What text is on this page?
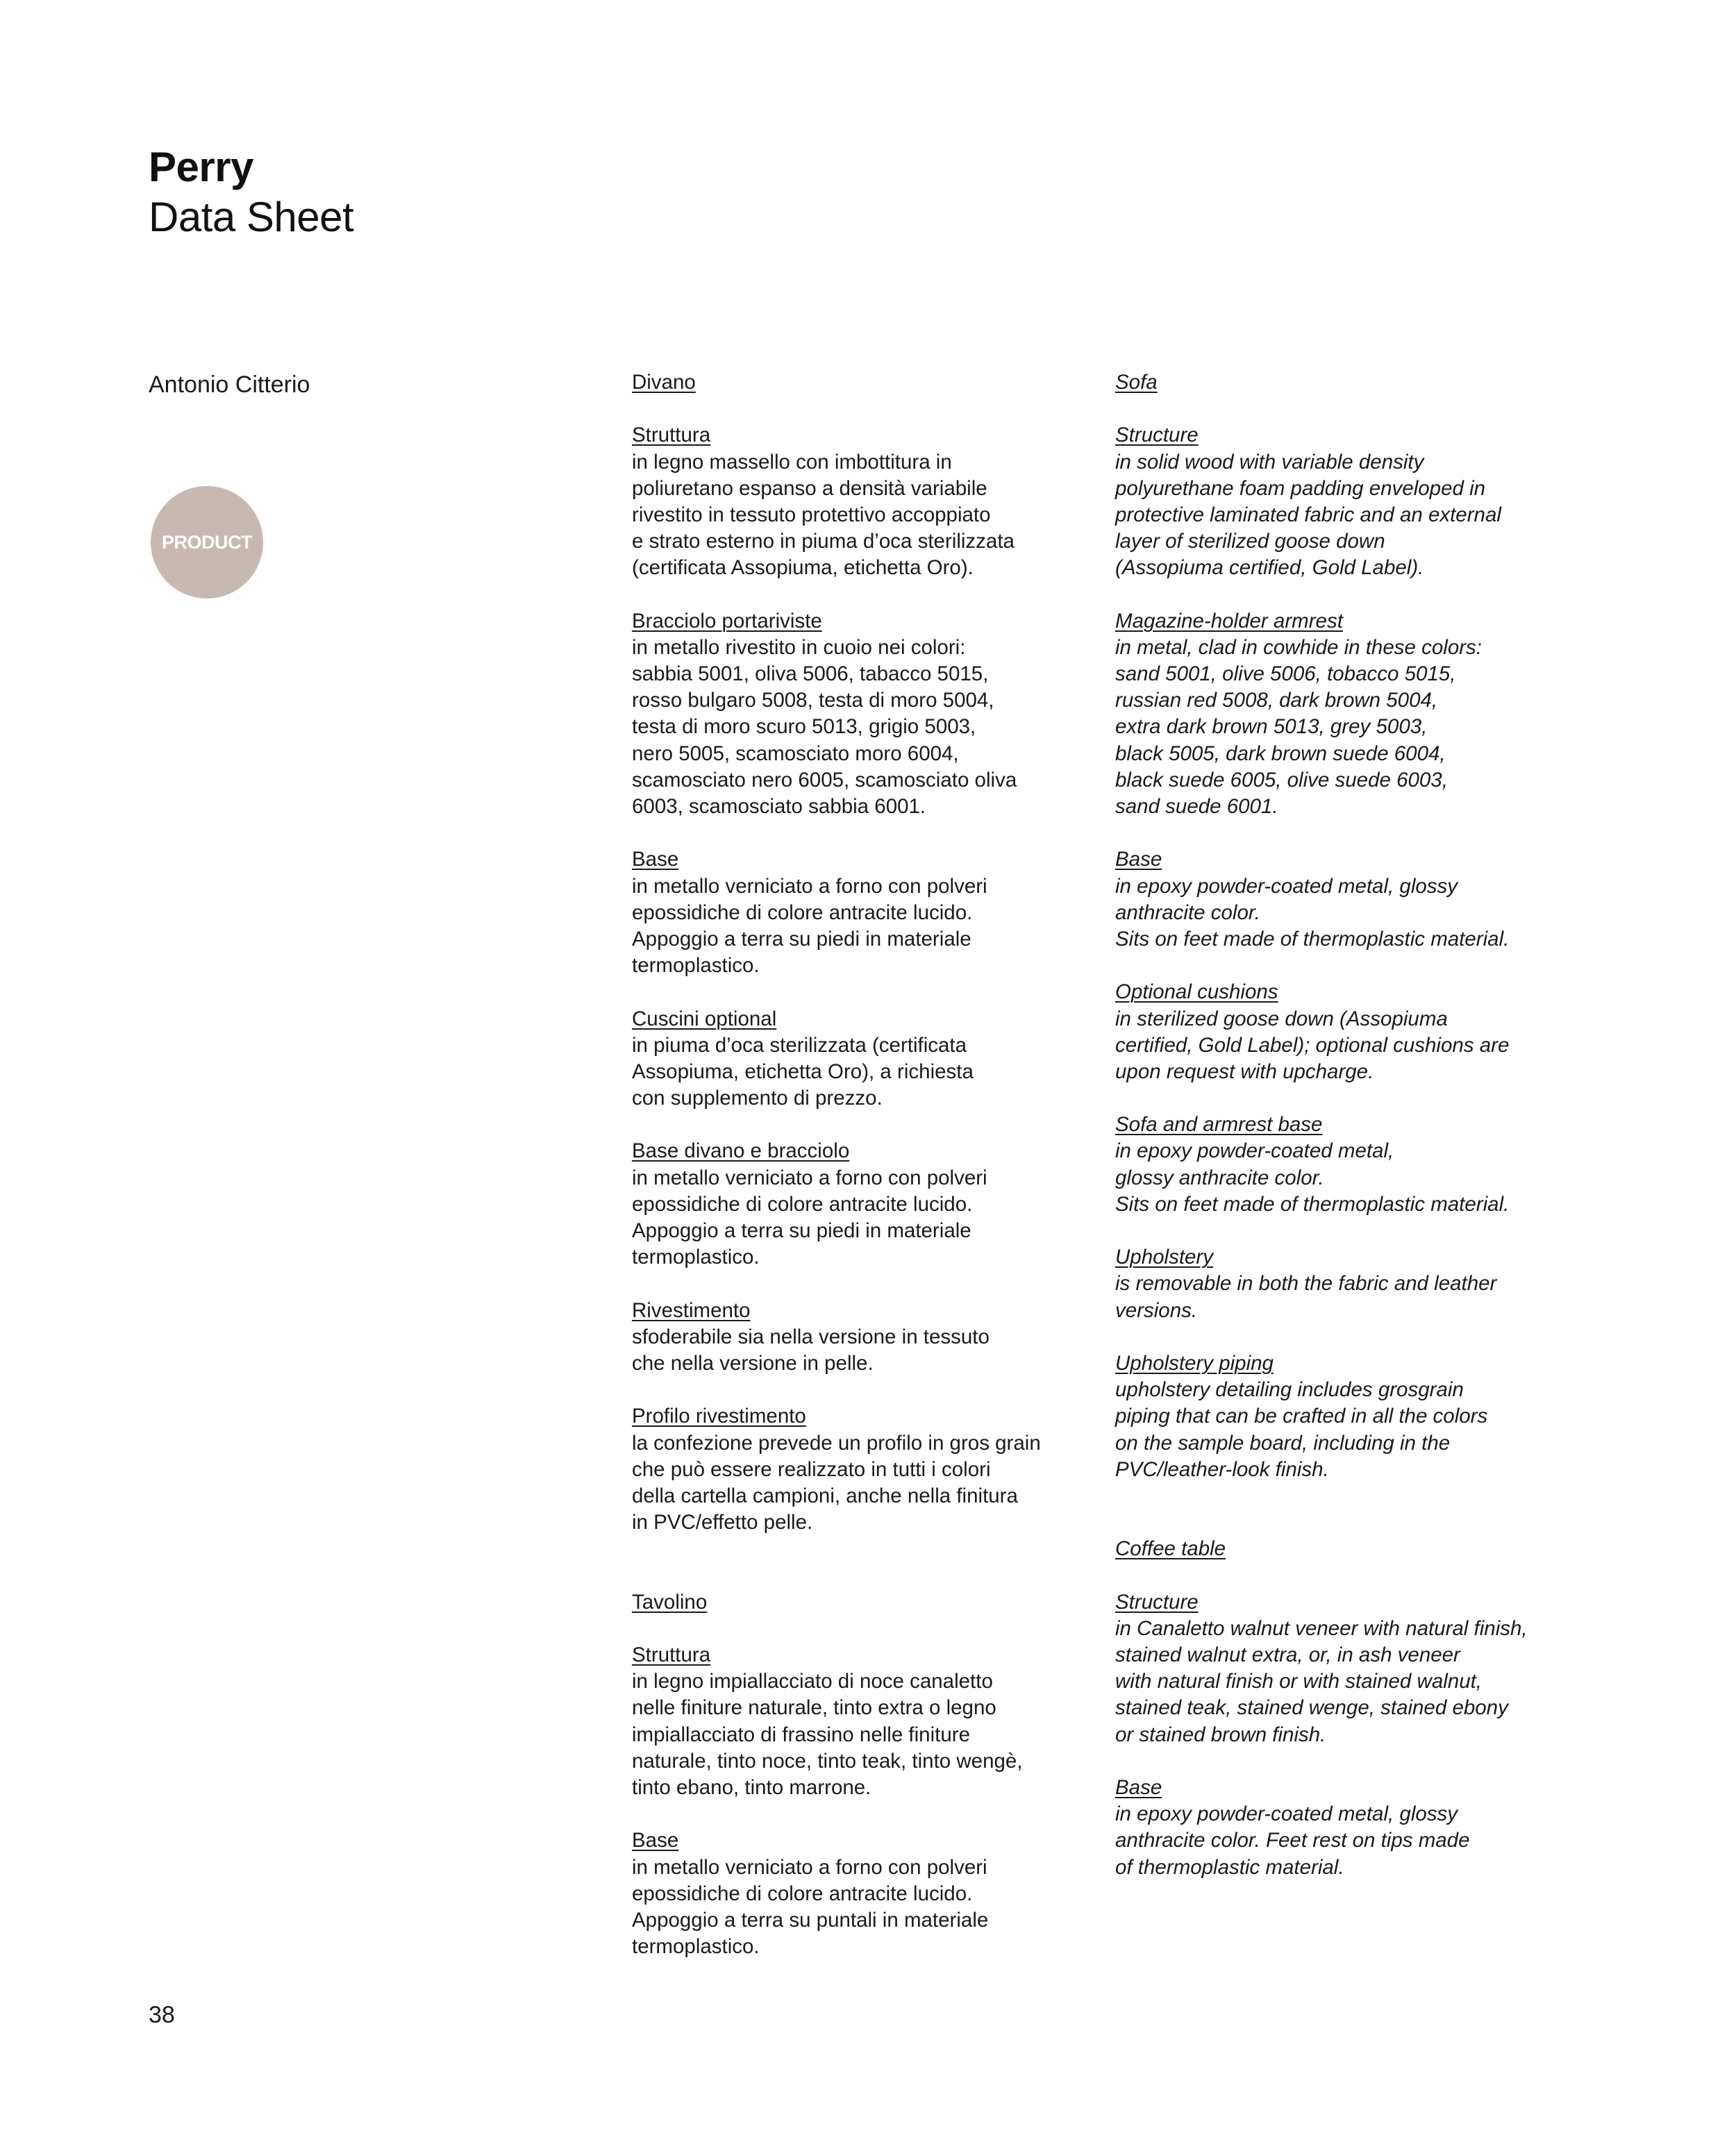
Perry
Data Sheet
Antonio Citterio
PRODUCT
Divano
Struttura
in legno massello con imbottitura in
poliuretano espanso a densità variabile
rivestito in tessuto protettivo accoppiato
e strato esterno in piuma d’oca sterilizzata
(certificata Assopiuma, etichetta Oro).
Bracciolo portariviste
in metallo rivestito in cuoio nei colori:
sabbia 5001, oliva 5006, tabacco 5015,
rosso bulgaro 5008, testa di moro 5004,
testa di moro scuro 5013, grigio 5003,
nero 5005, scamosciato moro 6004,
scamosciato nero 6005, scamosciato oliva
6003, scamosciato sabbia 6001.
Base
in metallo verniciato a forno con polveri
epossidiche di colore antracite lucido.
Appoggio a terra su piedi in materiale
termoplastico.
Cuscini optional
in piuma d’oca sterilizzata (certificata
Assopiuma, etichetta Oro), a richiesta
con supplemento di prezzo.
Base divano e bracciolo
in metallo verniciato a forno con polveri
epossidiche di colore antracite lucido.
Appoggio a terra su piedi in materiale
termoplastico.
Rivestimento
sfoderabile sia nella versione in tessuto
che nella versione in pelle.
Profilo rivestimento
la confezione prevede un profilo in gros grain
che può essere realizzato in tutti i colori
della cartella campioni, anche nella finitura
in PVC/effetto pelle.
Tavolino
Struttura
in legno impiallacciato di noce canaletto
nelle finiture naturale, tinto extra o legno
impiallacciato di frassino nelle finiture
naturale, tinto noce, tinto teak, tinto wengè,
tinto ebano, tinto marrone.
Base
in metallo verniciato a forno con polveri
epossidiche di colore antracite lucido.
Appoggio a terra su puntali in materiale
termoplastico.
Sofa
Structure
in solid wood with variable density
polyurethane foam padding enveloped in
protective laminated fabric and an external
layer of sterilized goose down
(Assopiuma certified, Gold Label).
Magazine-holder armrest
in metal, clad in cowhide in these colors:
sand 5001, olive 5006, tobacco 5015,
russian red 5008, dark brown 5004,
extra dark brown 5013, grey 5003,
black 5005, dark brown suede 6004,
black suede 6005, olive suede 6003,
sand suede 6001.
Base
in epoxy powder-coated metal, glossy
anthracite color.
Sits on feet made of thermoplastic material.
Optional cushions
in sterilized goose down (Assopiuma
certified, Gold Label); optional cushions are
upon request with upcharge.
Sofa and armrest base
in epoxy powder-coated metal,
glossy anthracite color.
Sits on feet made of thermoplastic material.
Upholstery
is removable in both the fabric and leather
versions.
Upholstery piping
upholstery detailing includes grosgrain
piping that can be crafted in all the colors
on the sample board, including in the
PVC/leather-look finish.
Coffee table
Structure
in Canaletto walnut veneer with natural finish,
stained walnut extra, or, in ash veneer
with natural finish or with stained walnut,
stained teak, stained wenge, stained ebony
or stained brown finish.
Base
in epoxy powder-coated metal, glossy
anthracite color. Feet rest on tips made
of thermoplastic material.
38
